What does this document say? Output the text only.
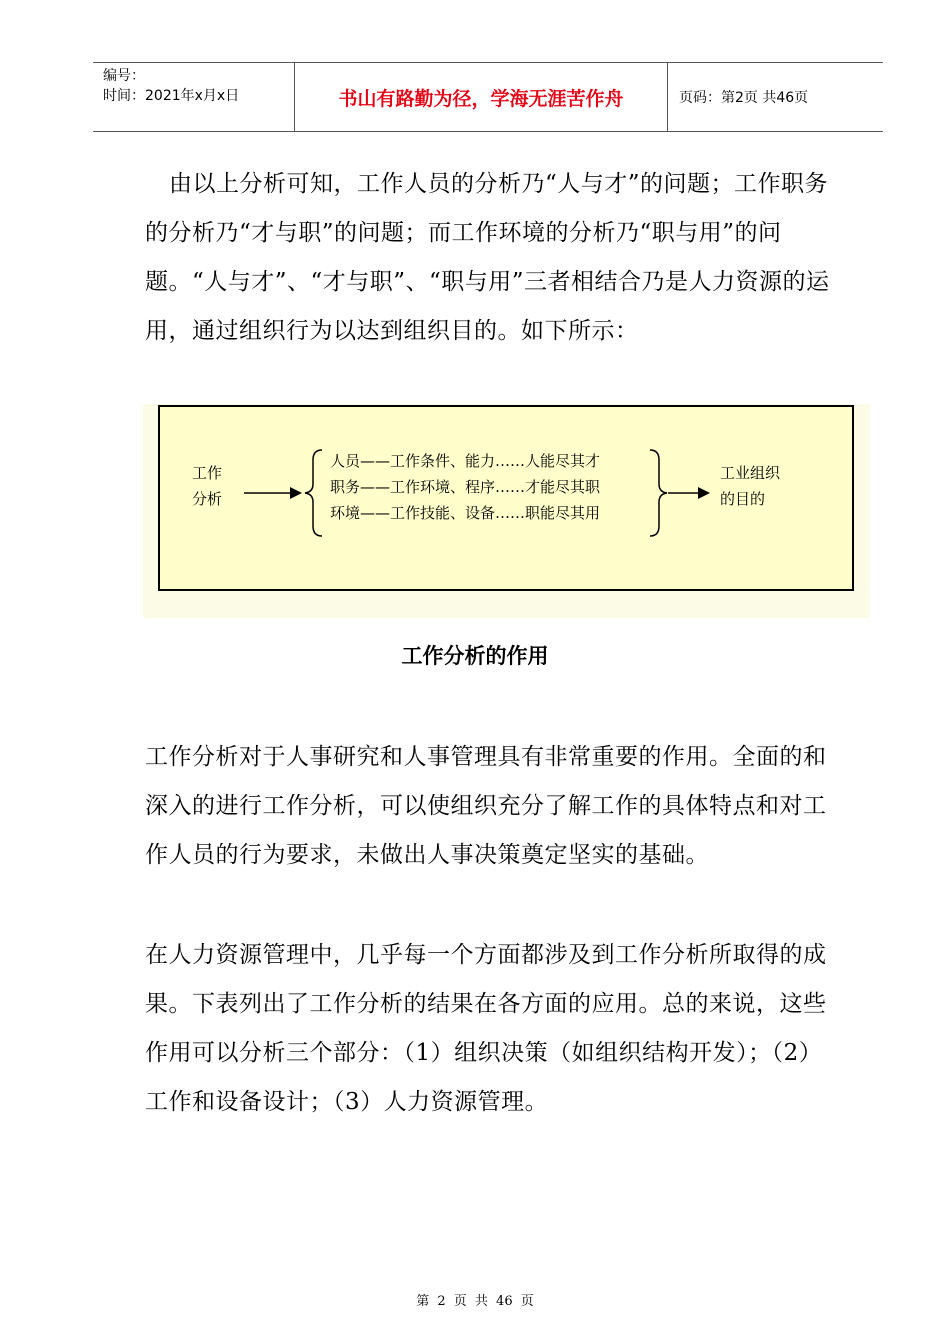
编号：
时间：2021年x月x日	书山有路勤为径，学海无涯苦作舟	页码：第2页 共46页
由以上分析可知，工作人员的分析乃“人与才”的问题；工作职务的分析乃“才与职”的问题；而工作环境的分析乃“职与用”的问题。“人与才”、“才与职”、“职与用”三者相结合乃是人力资源的运用，通过组织行为以达到组织目的。如下所示：
工作
分析
人员——工作条件、能力……人能尽其才
职务——工作环境、程序……才能尽其职
环境——工作技能、设备……职能尽其用
工业组织
的目的
工作分析的作用
工作分析对于人事研究和人事管理具有非常重要的作用。全面的和深入的进行工作分析，可以使组织充分了解工作的具体特点和对工作人员的行为要求，未做出人事决策奠定坚实的基础。
在人力资源管理中，几乎每一个方面都涉及到工作分析所取得的成果。下表列出了工作分析的结果在各方面的应用。总的来说，这些作用可以分析三个部分：（1）组织决策（如组织结构开发）；（2）工作和设备设计；（3）人力资源管理。
第 2 页 共 46 页
